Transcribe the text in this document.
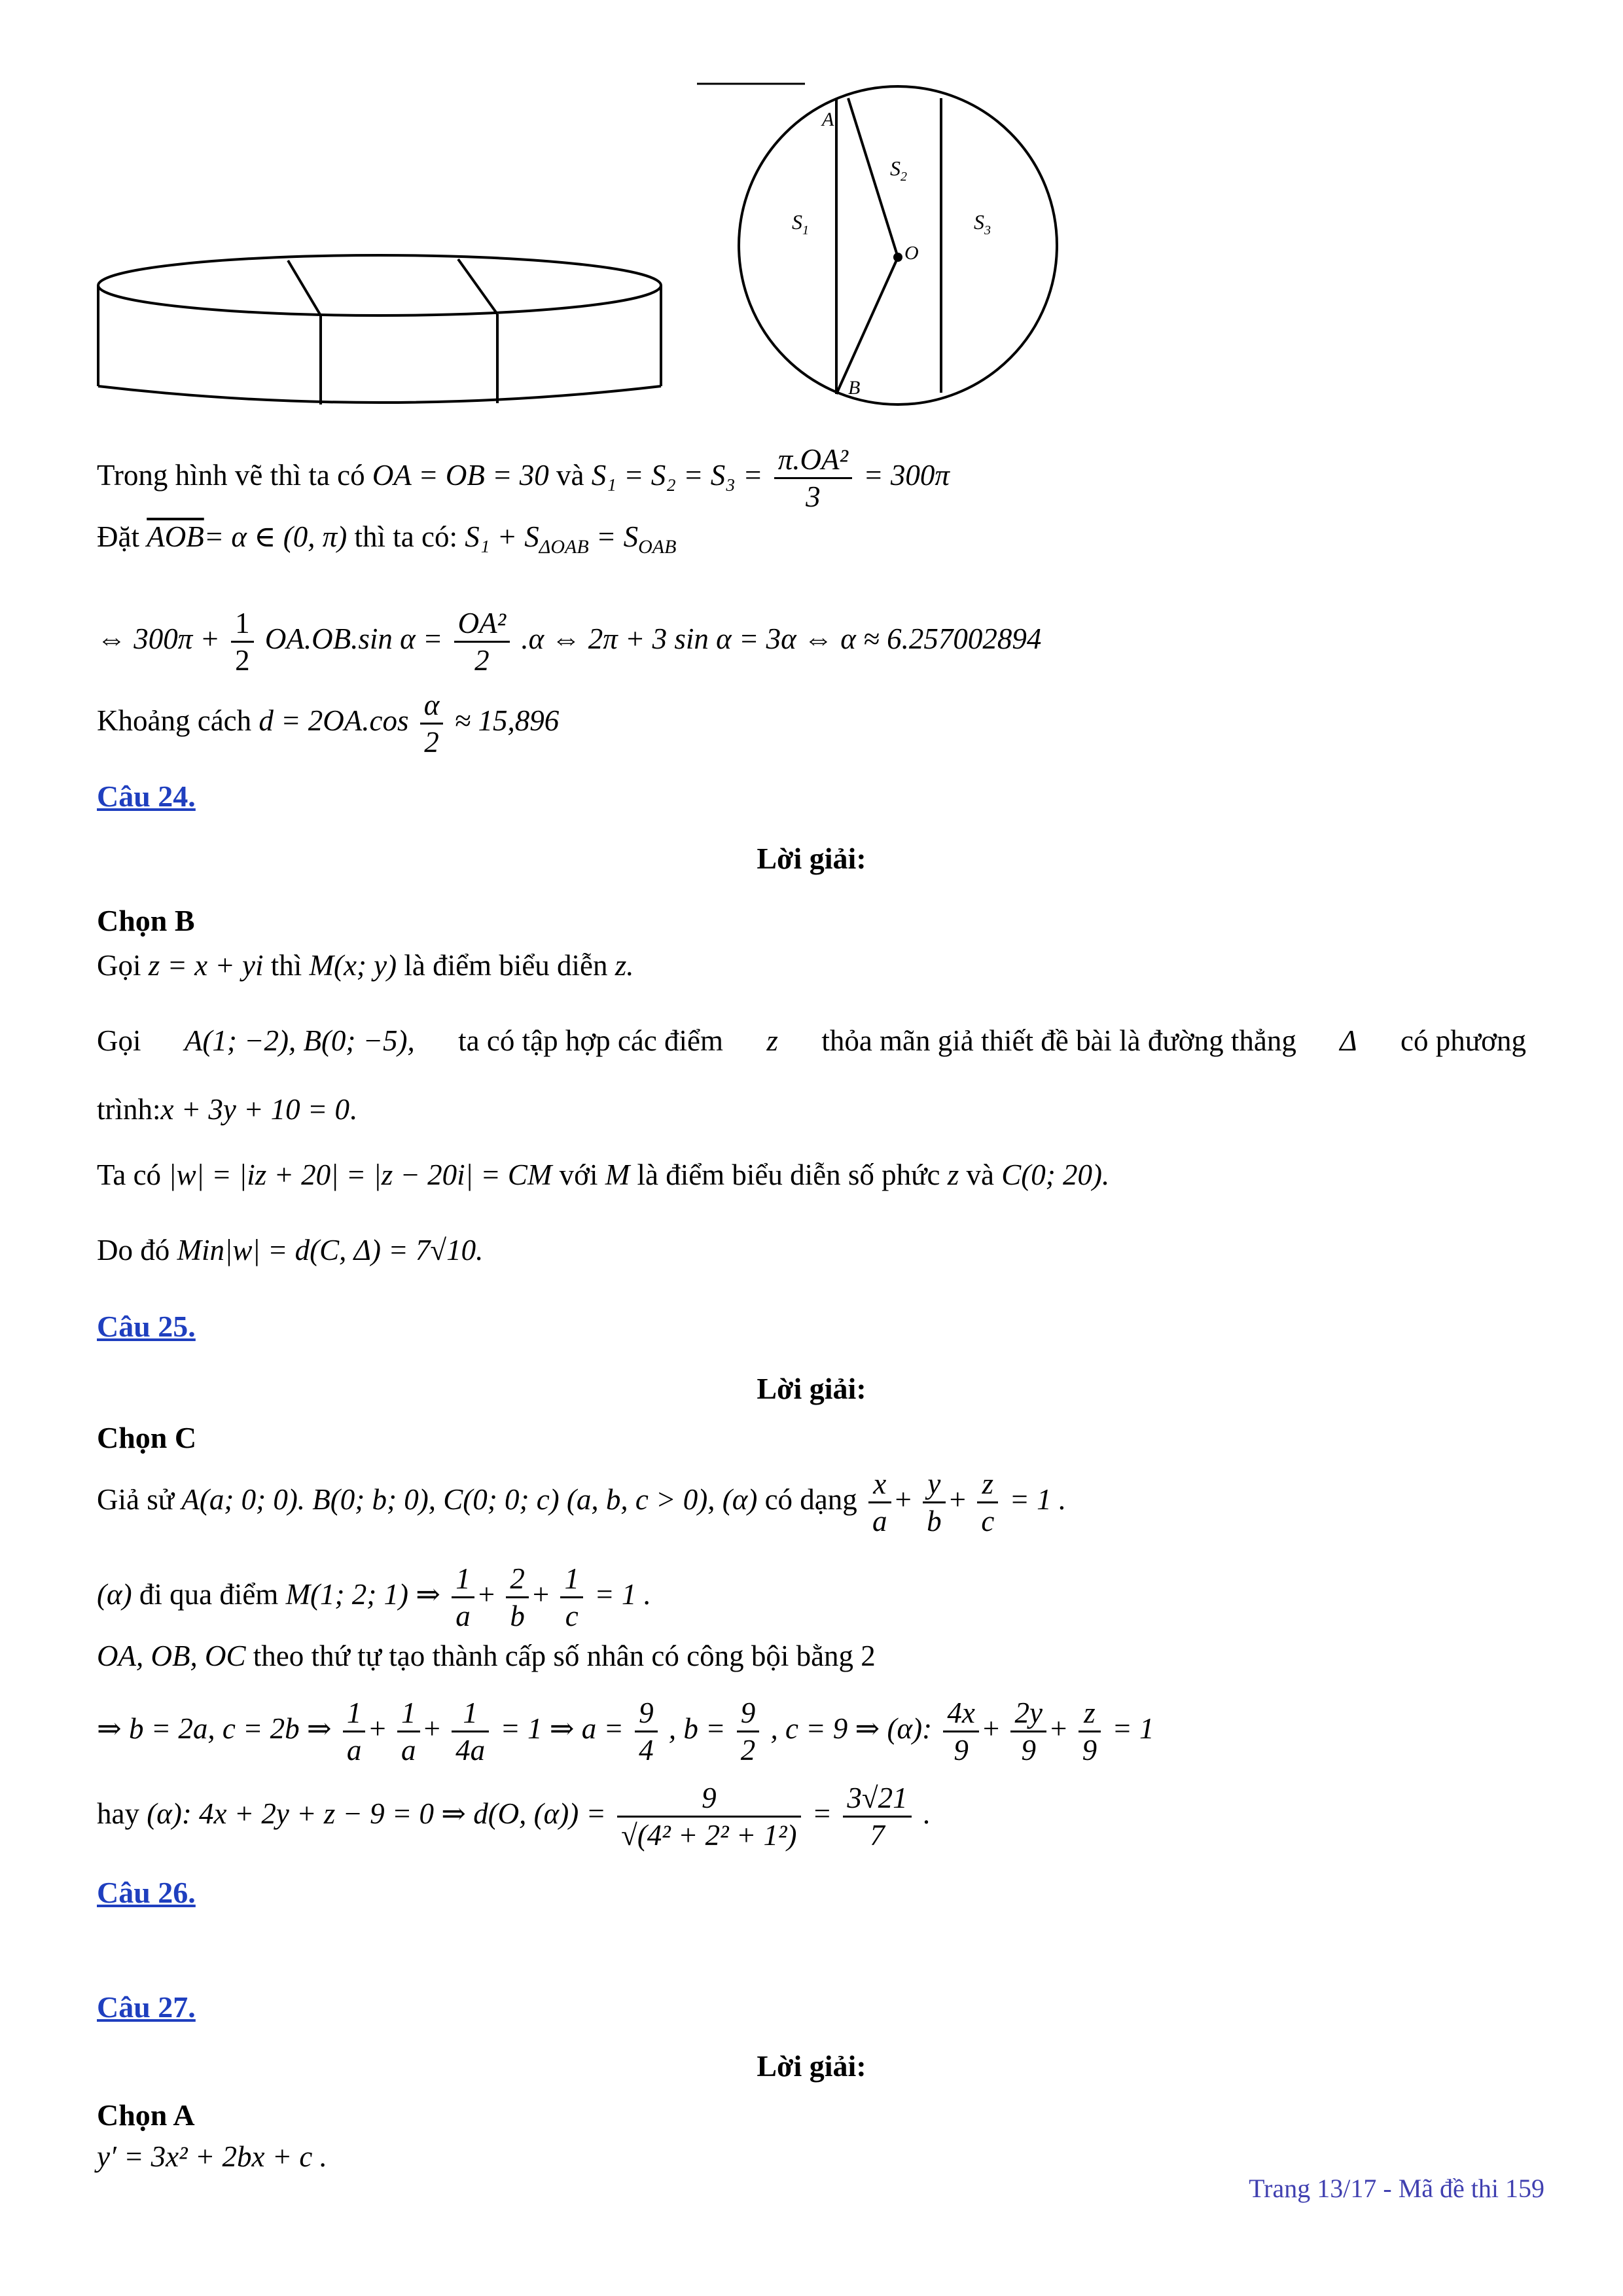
A
B
O
$S_1$
$S_2$
$S_3$
Trong hình vẽ thì ta có OA = OB = 30 và $S_1 = S_2 = S_3 = \frac{\text{π.OA²}}{3} = 300\pi$
Đặt $\overline{AOB}= \alpha$ ∈ (0, π) thì ta có: $S_1 + S_{\Delta OAB} = S_{OAB}$
⇔ $300\pi + \frac{1}{2} OA.OB.\sin$ $\alpha = \frac{\text{OA²}}{2} .\alpha$ ⇔ 2π + 3 sin α = 3α ⇔ α ≈ 6.257002894
Khoảng cách $d = 2OA.\cos \frac{\alpha}{2} \approx 15,896$
Câu 24.
Lời giải:
Chọn B
Gọi z = x + yi thì M(x; y) là điểm biểu diễn z.
Gọi A(1; −2), B(0; −5), ta có tập hợp các điểm z thỏa mãn giả thiết đề bài là đường thẳng Δ có phương
trình:x + 3y + 10 = 0.
Ta có |w| = |iz + 20| = |z − 20i| = CM với M là điểm biểu diễn số phức z và C(0; 20).
Do đó Min|w| = d(C, Δ) = 7√10.
Câu 25.
Lời giải:
Chọn C
Giả sử A(a; 0; 0). B(0; b; 0), C(0; 0; c) (a, b, c > 0), (α) có dạng $\frac{x}{a} + \frac{y}{b} + \frac{z}{c} = 1$ .
(α) đi qua điểm M(1; 2; 1) ⇒ $\frac{1}{a} + \frac{2}{b} + \frac{1}{c} = 1$ .
OA, OB, OC theo thứ tự tạo thành cấp số nhân có công bội bằng 2
⇒ b = 2a, c = 2b ⇒ $\frac{1}{a} + \frac{1}{a} + \frac{1}{4a} = 1$ ⇒ $a = \frac{9}{4}$ , $b = \frac{9}{2}$ , c = 9 ⇒ (α): $\frac{4x}{9} + \frac{2y}{9} + \frac{z}{9} = 1$
hay (α): 4x + 2y + z − 9 = 0 ⇒ d(O, $(\alpha)) = \frac{9}{\text{√(4² + 2² + 1²)}} = \frac{3√21}{7}$ .
Câu 26.
Câu 27.
Lời giải:
Chọn A
y′ = 3x² + 2bx + c .
Trang 13/17 - Mã đề thi 159
